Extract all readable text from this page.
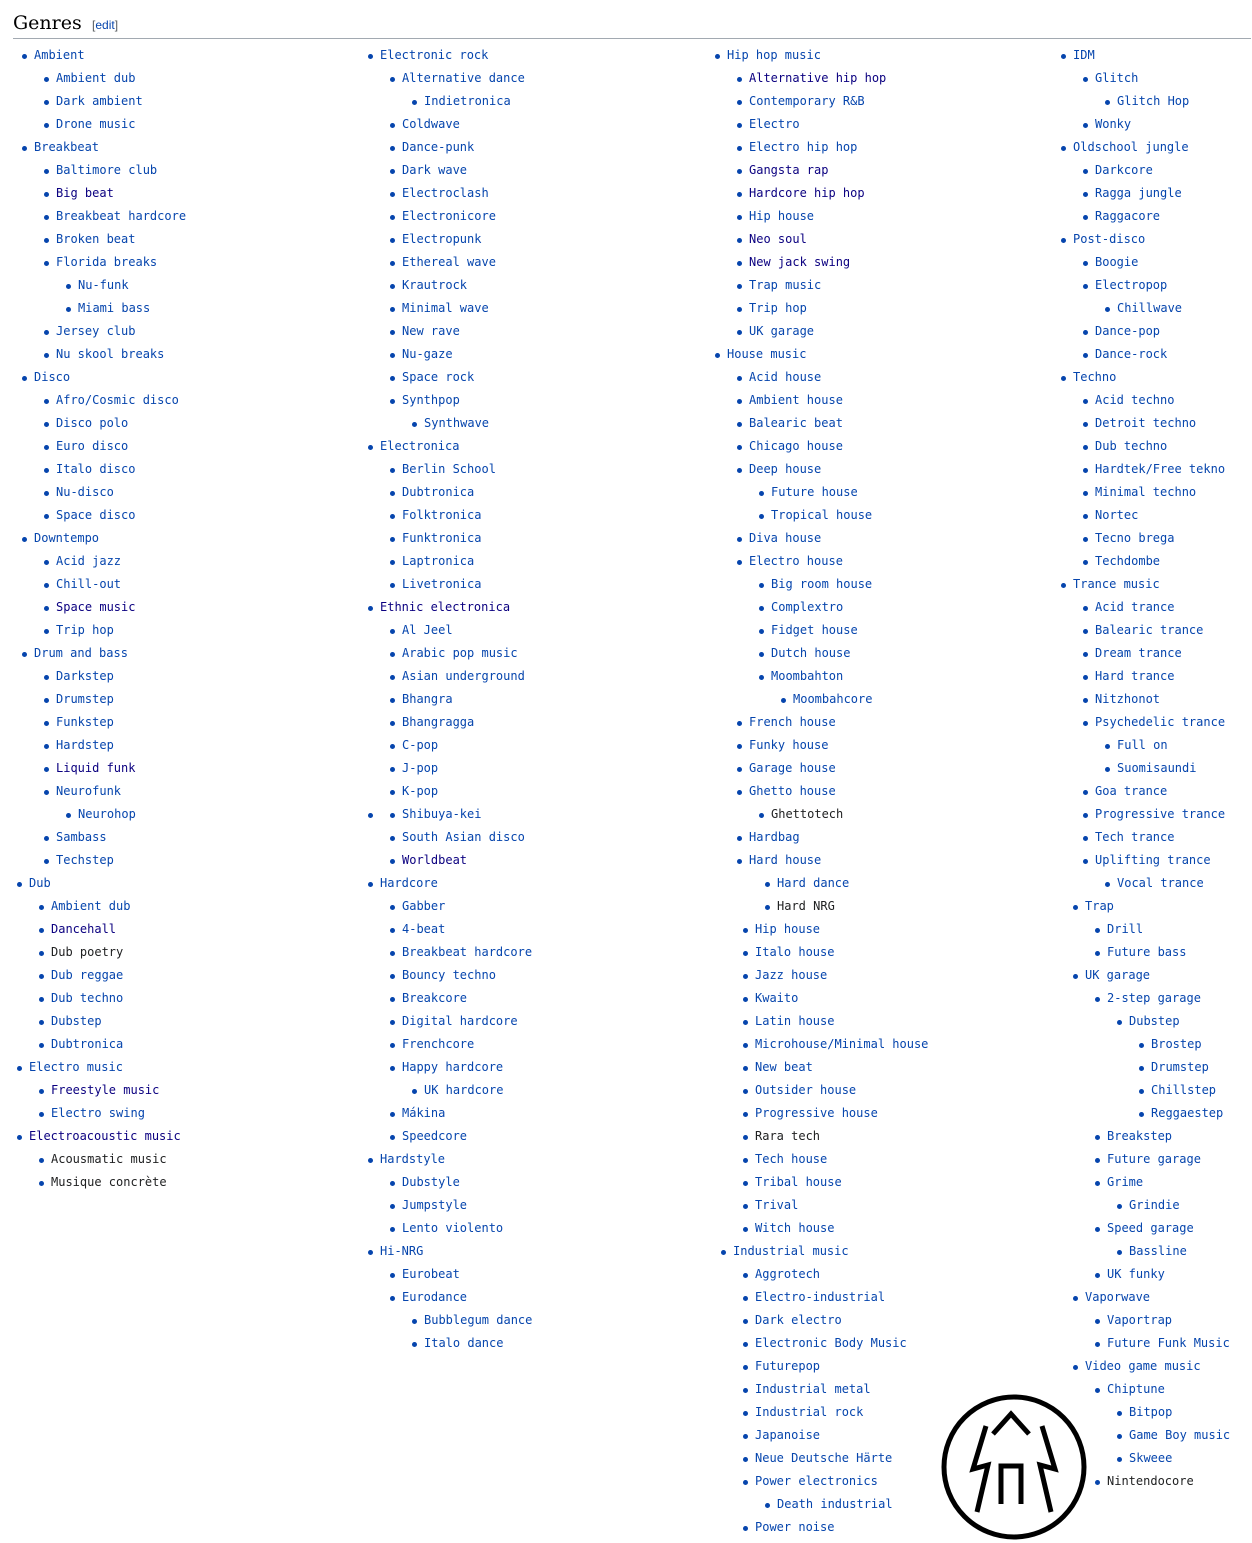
Genres [edit]
Ambient
Ambient dub
Dark ambient
Drone music
Breakbeat
Baltimore club
Big beat
Breakbeat hardcore
Broken beat
Florida breaks
Nu-funk
Miami bass
Jersey club
Nu skool breaks
Disco
Afro/Cosmic disco
Disco polo
Euro disco
Italo disco
Nu-disco
Space disco
Downtempo
Acid jazz
Chill-out
Space music
Trip hop
Drum and bass
Darkstep
Drumstep
Funkstep
Hardstep
Liquid funk
Neurofunk
Neurohop
Sambass
Techstep
Dub
Ambient dub
Dancehall
Dub poetry
Dub reggae
Dub techno
Dubstep
Dubtronica
Electro music
Freestyle music
Electro swing
Electroacoustic music
Acousmatic music
Musique concrète
Electronic rock
Alternative dance
Indietronica
Coldwave
Dance-punk
Dark wave
Electroclash
Electronicore
Electropunk
Ethereal wave
Krautrock
Minimal wave
New rave
Nu-gaze
Space rock
Synthpop
Synthwave
Electronica
Berlin School
Dubtronica
Folktronica
Funktronica
Laptronica
Livetronica
Ethnic electronica
Al Jeel
Arabic pop music
Asian underground
Bhangra
Bhangragga
C-pop
J-pop
K-pop
Shibuya-kei
South Asian disco
Worldbeat
Hardcore
Gabber
4-beat
Breakbeat hardcore
Bouncy techno
Breakcore
Digital hardcore
Frenchcore
Happy hardcore
UK hardcore
Mákina
Speedcore
Hardstyle
Dubstyle
Jumpstyle
Lento violento
Hi-NRG
Eurobeat
Eurodance
Bubblegum dance
Italo dance
Hip hop music
Alternative hip hop
Contemporary R&B
Electro
Electro hip hop
Gangsta rap
Hardcore hip hop
Hip house
Neo soul
New jack swing
Trap music
Trip hop
UK garage
House music
Acid house
Ambient house
Balearic beat
Chicago house
Deep house
Future house
Tropical house
Diva house
Electro house
Big room house
Complextro
Fidget house
Dutch house
Moombahton
Moombahcore
French house
Funky house
Garage house
Ghetto house
Ghettotech
Hardbag
Hard house
Hard dance
Hard NRG
Hip house
Italo house
Jazz house
Kwaito
Latin house
Microhouse/Minimal house
New beat
Outsider house
Progressive house
Rara tech
Tech house
Tribal house
Trival
Witch house
Industrial music
Aggrotech
Electro-industrial
Dark electro
Electronic Body Music
Futurepop
Industrial metal
Industrial rock
Japanoise
Neue Deutsche Härte
Power electronics
Death industrial
Power noise
IDM
Glitch
Glitch Hop
Wonky
Oldschool jungle
Darkcore
Ragga jungle
Raggacore
Post-disco
Boogie
Electropop
Chillwave
Dance-pop
Dance-rock
Techno
Acid techno
Detroit techno
Dub techno
Hardtek/Free tekno
Minimal techno
Nortec
Tecno brega
Techdombe
Trance music
Acid trance
Balearic trance
Dream trance
Hard trance
Nitzhonot
Psychedelic trance
Full on
Suomisaundi
Goa trance
Progressive trance
Tech trance
Uplifting trance
Vocal trance
Trap
Drill
Future bass
UK garage
2-step garage
Dubstep
Brostep
Drumstep
Chillstep
Reggaestep
Breakstep
Future garage
Grime
Grindie
Speed garage
Bassline
UK funky
Vaporwave
Vaportrap
Future Funk Music
Video game music
Chiptune
Bitpop
Game Boy music
Skweee
Nintendocore
